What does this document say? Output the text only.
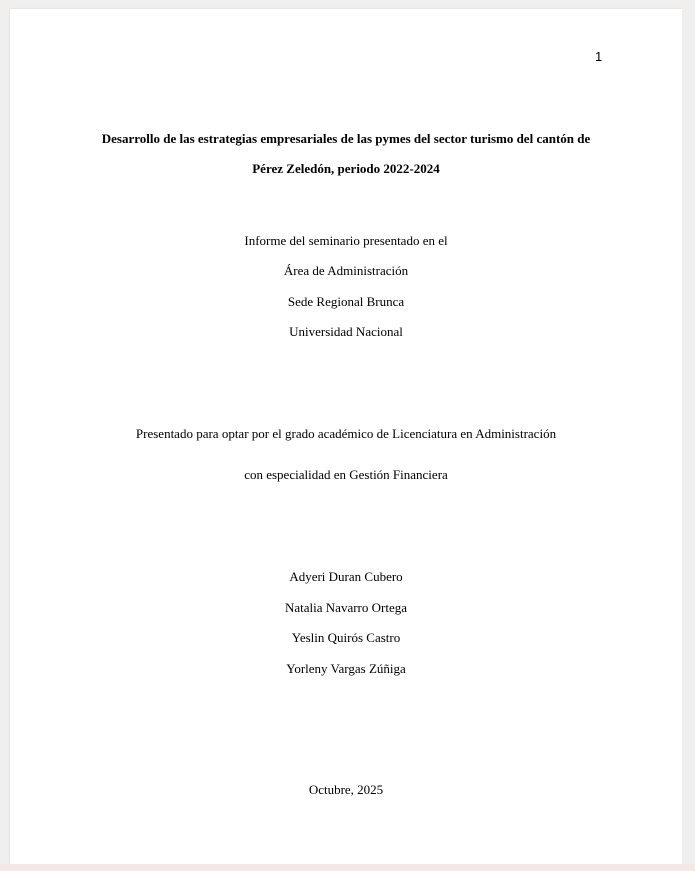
1
Desarrollo de las estrategias empresariales de las pymes del sector turismo del cantón de
Pérez Zeledón, periodo 2022-2024
Informe del seminario presentado en el
Área de Administración
Sede Regional Brunca
Universidad Nacional
Presentado para optar por el grado académico de Licenciatura en Administración
con especialidad en Gestión Financiera
Adyeri Duran Cubero
Natalia Navarro Ortega
Yeslin Quirós Castro
Yorleny Vargas Zúñiga
Octubre, 2025
